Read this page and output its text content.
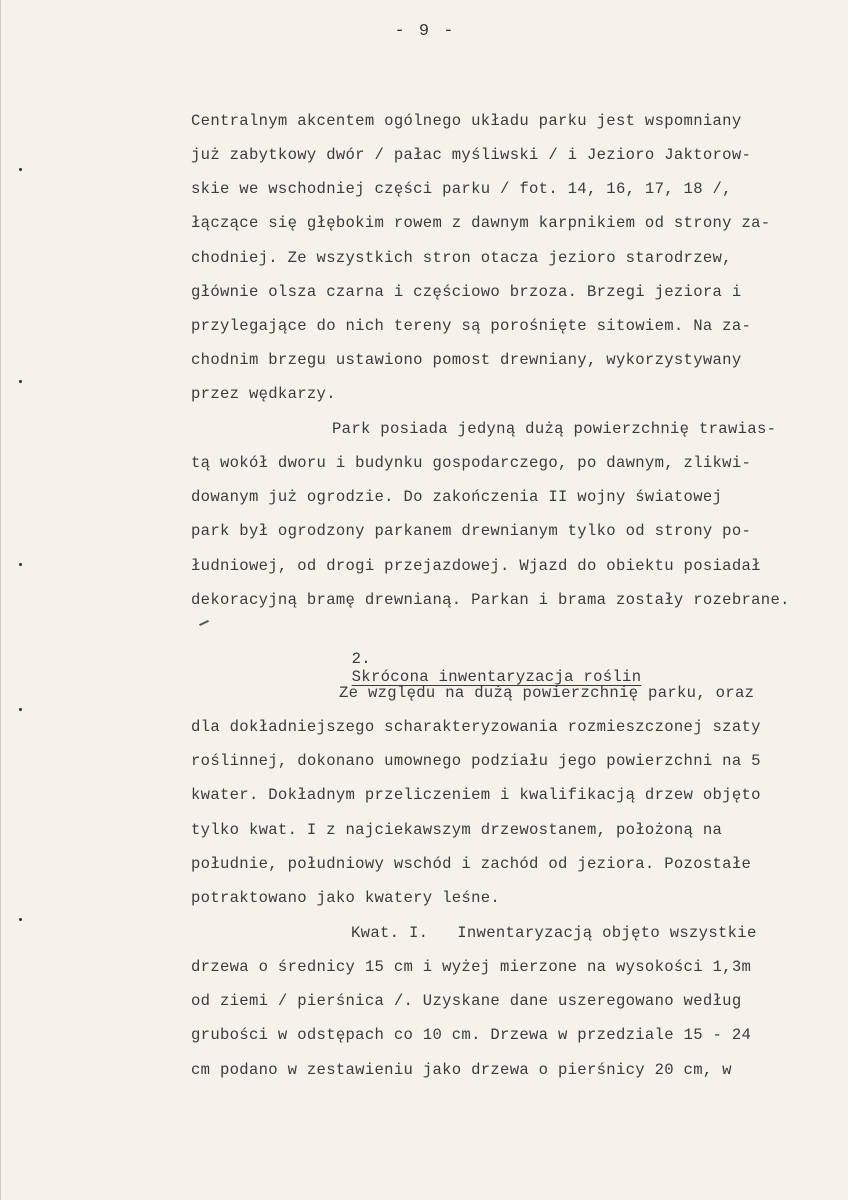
- 9 -
Centralnym akcentem ogólnego układu parku jest wspomniany
już zabytkowy dwór / pałac myśliwski / i Jezioro Jaktorow-
skie we wschodniej części parku / fot. 14, 16, 17, 18 /,
łączące się głębokim rowem z dawnym karpnikiem od strony za-
chodniej. Ze wszystkich stron otacza jezioro starodrzew,
głównie olsza czarna i częściowo brzoza. Brzegi jeziora i
przylegające do nich tereny są porośnięte sitowiem. Na za-
chodnim brzegu ustawiono pomost drewniany, wykorzystywany
przez wędkarzy.
Park posiada jedyną dużą powierzchnię trawias-
tą wokół dworu i budynku gospodarczego, po dawnym, zlikwi-
dowanym już ogrodzie. Do zakończenia II wojny światowej
park był ogrodzony parkanem drewnianym tylko od strony po-
łudniowej, od drogi przejazdowej. Wjazd do obiektu posiadał
dekoracyjną bramę drewnianą. Parkan i brama zostały rozebrane.

2.
Skrócona inwentaryzacja roślin

Ze względu na dużą powierzchnię parku, oraz
dla dokładniejszego scharakteryzowania rozmieszczonej szaty
roślinnej, dokonano umownego podziału jego powierzchni na 5
kwater. Dokładnym przeliczeniem i kwalifikacją drzew objęto
tylko kwat. I z najciekawszym drzewostanem, położoną na
południe, południowy wschód i zachód od jeziora. Pozostałe
potraktowano jako kwatery leśne.
Kwat. I.   Inwentaryzacją objęto wszystkie
drzewa o średnicy 15 cm i wyżej mierzone na wysokości 1,3m
od ziemi / pierśnica /. Uzyskane dane uszeregowano według
grubości w odstępach co 10 cm. Drzewa w przedziale 15 - 24
cm podano w zestawieniu jako drzewa o pierśnicy 20 cm, w
